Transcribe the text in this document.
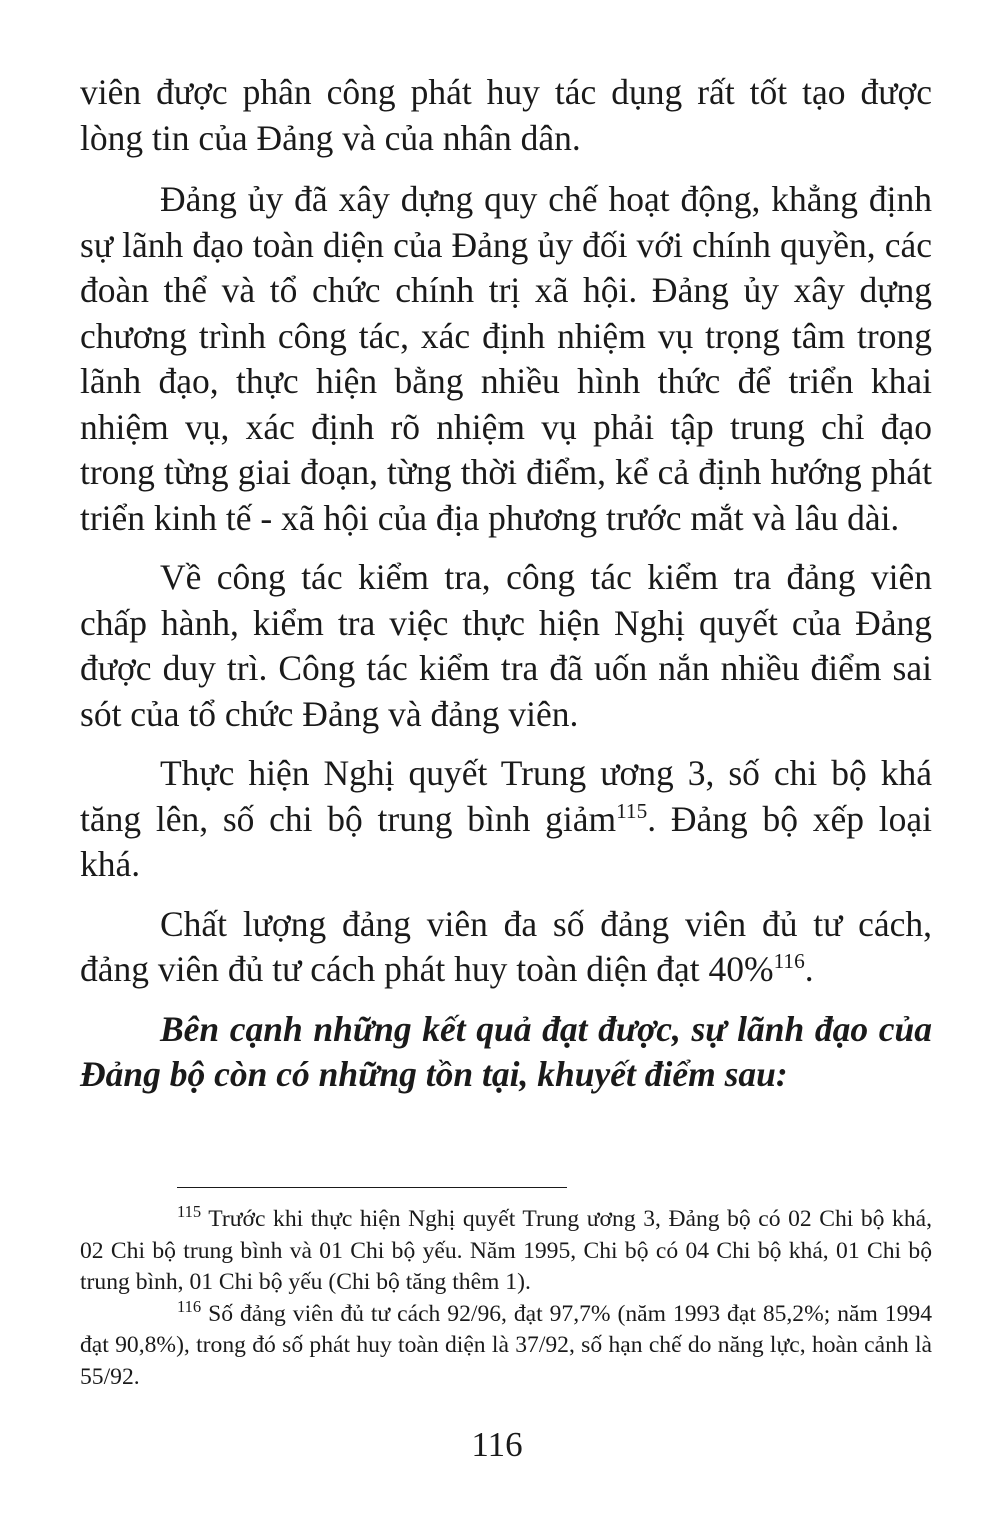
viên được phân công phát huy tác dụng rất tốt tạo được lòng tin của Đảng và của nhân dân.

Đảng ủy đã xây dựng quy chế hoạt động, khẳng định sự lãnh đạo toàn diện của Đảng ủy đối với chính quyền, các đoàn thể và tổ chức chính trị xã hội. Đảng ủy xây dựng chương trình công tác, xác định nhiệm vụ trọng tâm trong lãnh đạo, thực hiện bằng nhiều hình thức để triển khai nhiệm vụ, xác định rõ nhiệm vụ phải tập trung chỉ đạo trong từng giai đoạn, từng thời điểm, kể cả định hướng phát triển kinh tế - xã hội của địa phương trước mắt và lâu dài.

Về công tác kiểm tra, công tác kiểm tra đảng viên chấp hành, kiểm tra việc thực hiện Nghị quyết của Đảng được duy trì. Công tác kiểm tra đã uốn nắn nhiều điểm sai sót của tổ chức Đảng và đảng viên.

Thực hiện Nghị quyết Trung ương 3, số chi bộ khá tăng lên, số chi bộ trung bình giảm$^{115}$. Đảng bộ xếp loại khá.

Chất lượng đảng viên đa số đảng viên đủ tư cách, đảng viên đủ tư cách phát huy toàn diện đạt 40%$^{116}$.

Bên cạnh những kết quả đạt được, sự lãnh đạo của Đảng bộ còn có những tồn tại, khuyết điểm sau:

$^{115}$ Trước khi thực hiện Nghị quyết Trung ương 3, Đảng bộ có 02 Chi bộ khá, 02 Chi bộ trung bình và 01 Chi bộ yếu. Năm 1995, Chi bộ có 04 Chi bộ khá, 01 Chi bộ trung bình, 01 Chi bộ yếu (Chi bộ tăng thêm 1).

$^{116}$ Số đảng viên đủ tư cách 92/96, đạt 97,7% (năm 1993 đạt 85,2%; năm 1994 đạt 90,8%), trong đó số phát huy toàn diện là 37/92, số hạn chế do năng lực, hoàn cảnh là 55/92.

116
